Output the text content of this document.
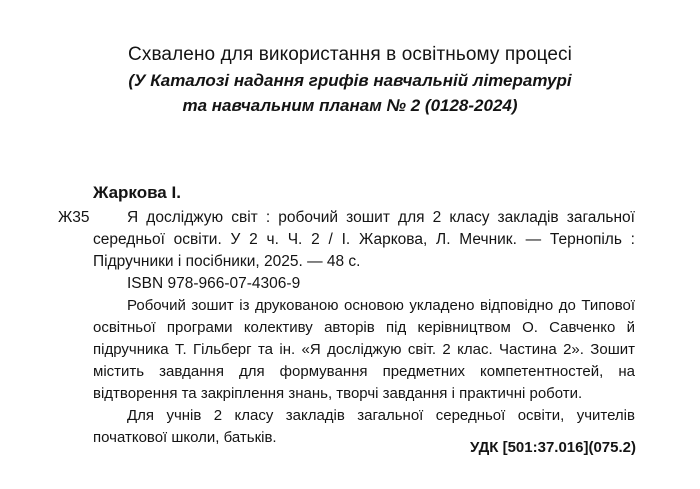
Схвалено для використання в освітньому процесі
(У Каталозі надання грифів навчальній літературі
та навчальним планам № 2 (0128-2024)
Жаркова І.
Ж35	Я досліджую світ : робочий зошит для 2 класу закладів загальної середньої освіти. У 2 ч. Ч. 2 / І. Жаркова, Л. Мечник. — Тернопіль : Підручники і посібники, 2025. — 48 с.
ISBN 978-966-07-4306-9
Робочий зошит із друкованою основою укладено відповідно до Типової освітньої програми колективу авторів під керівництвом О. Савченко й підручника Т. Гільберг та ін. «Я досліджую світ. 2 клас. Частина 2». Зошит містить завдання для формування предметних компетентностей, на відтворення та закріплення знань, творчі завдання і практичні роботи.
Для учнів 2 класу закладів загальної середньої освіти, учителів початкової школи, батьків.
УДК [501:37.016](075.2)
